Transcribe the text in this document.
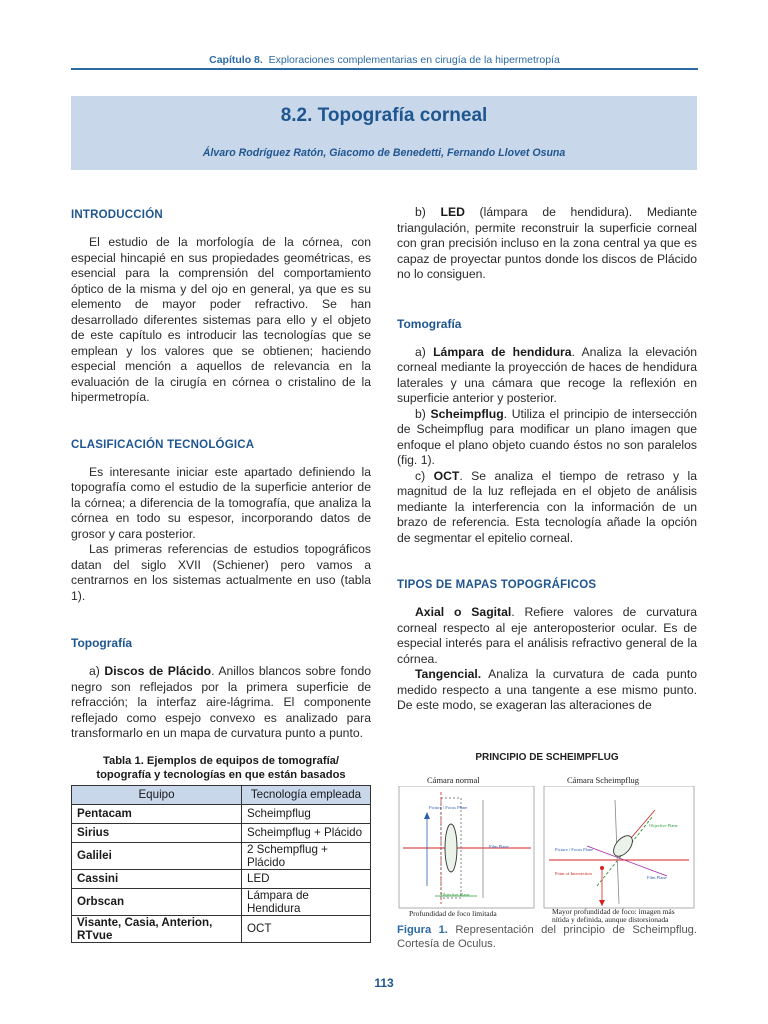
Capítulo 8. Exploraciones complementarias en cirugía de la hipermetropía
8.2. Topografía corneal
Álvaro Rodríguez Ratón, Giacomo de Benedetti, Fernando Llovet Osuna
INTRODUCCIÓN

El estudio de la morfología de la córnea, con especial hincapié en sus propiedades geométricas, es esencial para la comprensión del comportamiento óptico de la misma y del ojo en general, ya que es su elemento de mayor poder refractivo. Se han desarrollado diferentes sistemas para ello y el objeto de este capítulo es introducir las tecnologías que se emplean y los valores que se obtienen; haciendo especial mención a aquellos de relevancia en la evaluación de la cirugía en córnea o cristalino de la hipermetropía.

CLASIFICACIÓN TECNOLÓGICA

Es interesante iniciar este apartado definiendo la topografía como el estudio de la superficie anterior de la córnea; a diferencia de la tomografía, que analiza la córnea en todo su espesor, incorporando datos de grosor y cara posterior.

Las primeras referencias de estudios topográficos datan del siglo XVII (Schiener) pero vamos a centrarnos en los sistemas actualmente en uso (tabla 1).

Topografía

a) Discos de Plácido. Anillos blancos sobre fondo negro son reflejados por la primera superficie de refracción; la interfaz aire-lágrima. El componente reflejado como espejo convexo es analizado para transformarlo en un mapa de curvatura punto a punto.

Tabla 1. Ejemplos de equipos de tomografía/
topografía y tecnologías en que están basados
Equipo	Tecnología empleada
Pentacam	Scheimpflug
Sirius	Scheimpflug + Plácido
Galilei	2 Schempflug + Plácido
Cassini	LED
Orbscan	Lámpara de Hendidura
Visante, Casia, Anterion, RTvue	OCT

b) LED (lámpara de hendidura). Mediante triangulación, permite reconstruir la superficie corneal con gran precisión incluso en la zona central ya que es capaz de proyectar puntos donde los discos de Plácido no lo consiguen.

Tomografía

a) Lámpara de hendidura. Analiza la elevación corneal mediante la proyección de haces de hendidura laterales y una cámara que recoge la reflexión en superficie anterior y posterior.

b) Scheimpflug. Utiliza el principio de intersección de Scheimpflug para modificar un plano imagen que enfoque el plano objeto cuando éstos no son paralelos (fig. 1).

c) OCT. Se analiza el tiempo de retraso y la magnitud de la luz reflejada en el objeto de análisis mediante la interferencia con la información de un brazo de referencia. Esta tecnología añade la opción de segmentar el epitelio corneal.

TIPOS DE MAPAS TOPOGRÁFICOS

Axial o Sagital. Refiere valores de curvatura corneal respecto al eje anteroposterior ocular. Es de especial interés para el análisis refractivo general de la córnea.

Tangencial. Analiza la curvatura de cada punto medido respecto a una tangente a ese mismo punto. De este modo, se exageran las alteraciones de

PRINCIPIO DE SCHEIMPFLUG
Cámara normal	Cámara Scheimpflug
Picture / Focus Plane
Film Plane
Objective Plane
Picture / Focus Plane
Objective Plane
Film Plane
Point of Intersection
Profundidad de foco limitada	Mayor profundidad de foco: imagen más
nítida y definida, aunque distorsionada
Figura 1. Representación del principio de Scheimpflug. Cortesía de Oculus.
113
